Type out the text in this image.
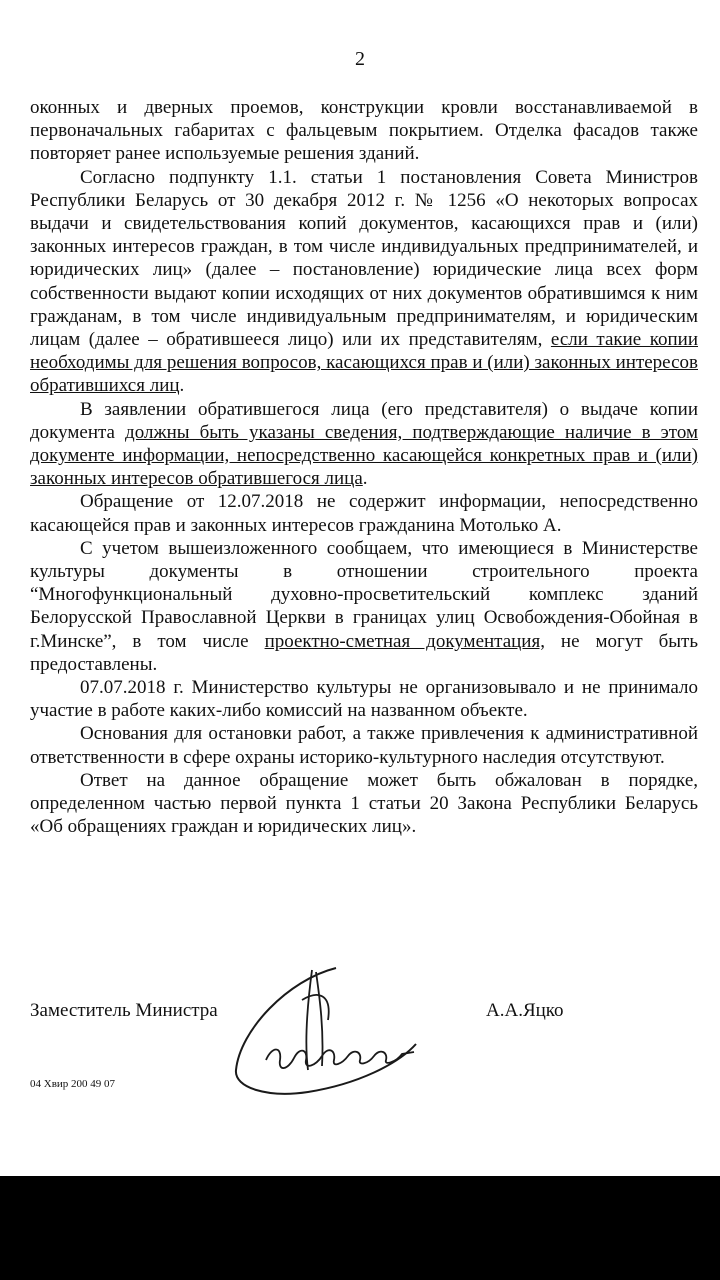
2

оконных и дверных проемов, конструкции кровли восстанавливаемой в первоначальных габаритах с фальцевым покрытием. Отделка фасадов также повторяет ранее используемые решения зданий.

Согласно подпункту 1.1. статьи 1 постановления Совета Министров Республики Беларусь от 30 декабря 2012 г. № 1256 «О некоторых вопросах выдачи и свидетельствования копий документов, касающихся прав и (или) законных интересов граждан, в том числе индивидуальных предпринимателей, и юридических лиц» (далее – постановление) юридические лица всех форм собственности выдают копии исходящих от них документов обратившимся к ним гражданам, в том числе индивидуальным предпринимателям, и юридическим лицам (далее – обратившееся лицо) или их представителям, если такие копии необходимы для решения вопросов, касающихся прав и (или) законных интересов обратившихся лиц.

В заявлении обратившегося лица (его представителя) о выдаче копии документа должны быть указаны сведения, подтверждающие наличие в этом документе информации, непосредственно касающейся конкретных прав и (или) законных интересов обратившегося лица.

Обращение от 12.07.2018 не содержит информации, непосредственно касающейся прав и законных интересов гражданина Мотолько А.

С учетом вышеизложенного сообщаем, что имеющиеся в Министерстве культуры документы в отношении строительного проекта “Многофункциональный духовно-просветительский комплекс зданий Белорусской Православной Церкви в границах улиц Освобождения-Обойная в г.Минске”, в том числе проектно-сметная документация, не могут быть предоставлены.

07.07.2018 г. Министерство культуры не организовывало и не принимало участие в работе каких-либо комиссий на названном объекте.

Основания для остановки работ, а также привлечения к административной ответственности в сфере охраны историко-культурного наследия отсутствуют.

Ответ на данное обращение может быть обжалован в порядке, определенном частью первой пункта 1 статьи 20 Закона Республики Беларусь «Об обращениях граждан и юридических лиц».

Заместитель Министра	А.А.Яцко
04 Хвир 200 49 07
